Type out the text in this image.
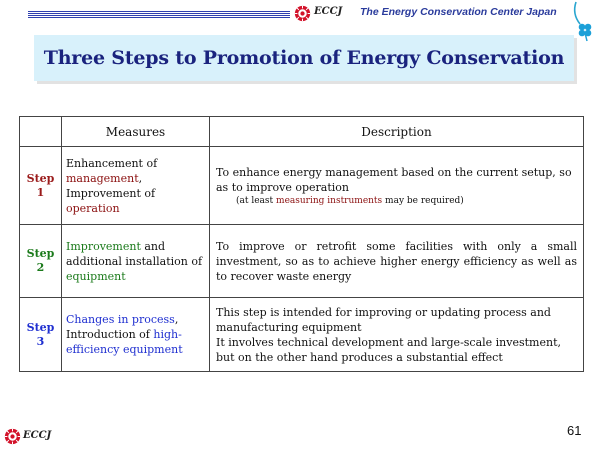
ECCJ The Energy Conservation Center Japan
Three Steps to Promotion of Energy Conservation
	Measures	Description
Step
1	Enhancement of management, Improvement of operation	To enhance energy management based on the current setup, so as to improve operation
(at least measuring instruments may be required)

Step
2	Improvement and additional installation of equipment	To improve or retrofit some facilities with only a small investment, so as to achieve higher energy efficiency as well as to recover waste energy
Step
3	Changes in process, Introduction of high-efficiency equipment	This step is intended for improving or updating process and manufacturing equipment
It involves technical development and large-scale investment, but on the other hand produces a substantial effect
ECCJ	61
